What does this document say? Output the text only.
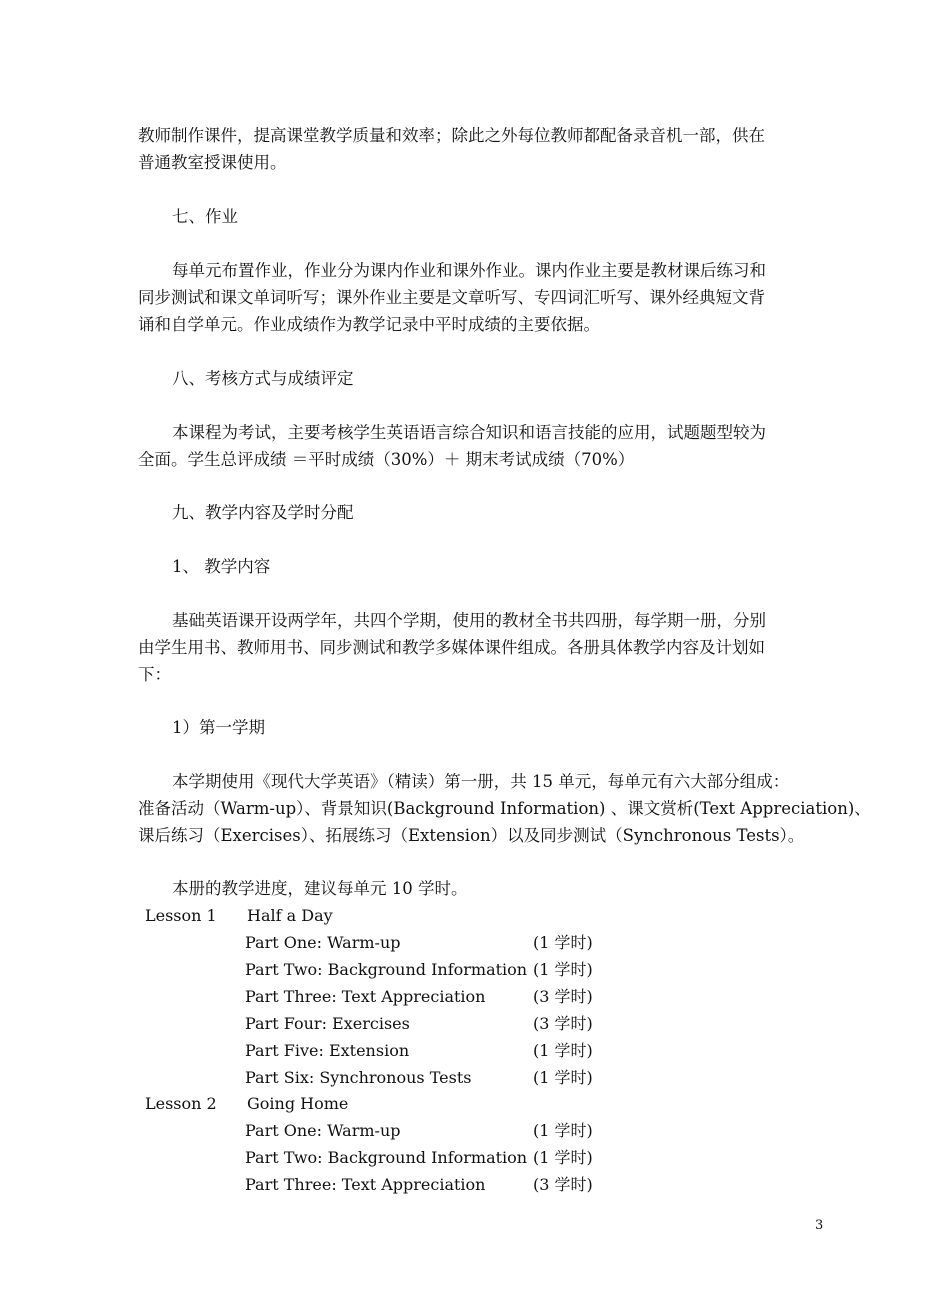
教师制作课件，提高课堂教学质量和效率；除此之外每位教师都配备录音机一部，供在
普通教室授课使用。
七、作业
每单元布置作业，作业分为课内作业和课外作业。课内作业主要是教材课后练习和
同步测试和课文单词听写；课外作业主要是文章听写、专四词汇听写、课外经典短文背
诵和自学单元。作业成绩作为教学记录中平时成绩的主要依据。
八、考核方式与成绩评定
本课程为考试，主要考核学生英语语言综合知识和语言技能的应用，试题题型较为
全面。学生总评成绩 ＝平时成绩（30%）＋ 期末考试成绩（70%）
九、教学内容及学时分配
1、 教学内容
基础英语课开设两学年，共四个学期，使用的教材全书共四册，每学期一册，分别
由学生用书、教师用书、同步测试和教学多媒体课件组成。各册具体教学内容及计划如
下：
1）第一学期
本学期使用《现代大学英语》（精读）第一册，共 15 单元，每单元有六大部分组成：
准备活动（Warm-up）、背景知识(Background Information) 、课文赏析(Text Appreciation)、
课后练习（Exercises）、拓展练习（Extension）以及同步测试（Synchronous Tests）。
本册的教学进度，建议每单元 10 学时。
Lesson 1 Half a Day
Part One: Warm-up	(1 学时)
Part Two: Background Information (1 学时)
Part Three: Text Appreciation	(3 学时)
Part Four: Exercises	(3 学时)
Part Five: Extension	(1 学时)
Part Six: Synchronous Tests	(1 学时)
Lesson 2 Going Home
Part One: Warm-up	(1 学时)
Part Two: Background Information (1 学时)
Part Three: Text Appreciation	(3 学时)
3
